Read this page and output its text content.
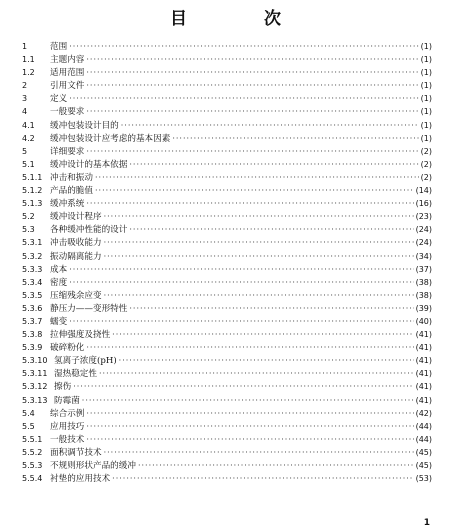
目　次
1	范围 ·····	(1)
1.1	主题内容 ·····	(1)
1.2	适用范围 ·····	(1)
2	引用文件 ·····	(1)
3	定义 ·····	(1)
4	一般要求 ·····	(1)
4.1	缓冲包装设计目的 ·····	(1)
4.2	缓冲包装设计应考虑的基本因素 ·····	(1)
5	详细要求 ·····	(2)
5.1	缓冲设计的基本依据 ·····	(2)
5.1.1 冲击和振动 ·····	(2)
5.1.2 产品的脆值 ·····	(14)
5.1.3 缓冲系统 ·····	(16)
5.2	缓冲设计程序 ·····	(23)
5.3	各种缓冲性能的设计 ·····	(24)
5.3.1 冲击吸收能力 ·····	(24)
5.3.2 振动隔离能力 ·····	(34)
5.3.3 成本 ·····	(37)
5.3.4 密度 ·····	(38)
5.3.5 压缩残余应变 ·····	(38)
5.3.6 静压力——变形特性 ·····	(39)
5.3.7 蠕变 ·····	(40)
5.3.8 拉伸强度及挠性 ·····	(41)
5.3.9 破碎粉化 ·····	(41)
5.3.10 氢离子浓度(pH) ·····	(41)
5.3.11 湿热稳定性 ·····	(41)
5.3.12 擦伤 ·····	(41)
5.3.13 防霉菌 ·····	(41)
5.4	综合示例 ·····	(42)
5.5	应用技巧 ·····	(44)
5.5.1 一般技术 ·····	(44)
5.5.2 面积调节技术 ·····	(45)
5.5.3 不规则形状产品的缓冲 ·····	(45)
5.5.4 衬垫的应用技术 ·····	(53)
1
